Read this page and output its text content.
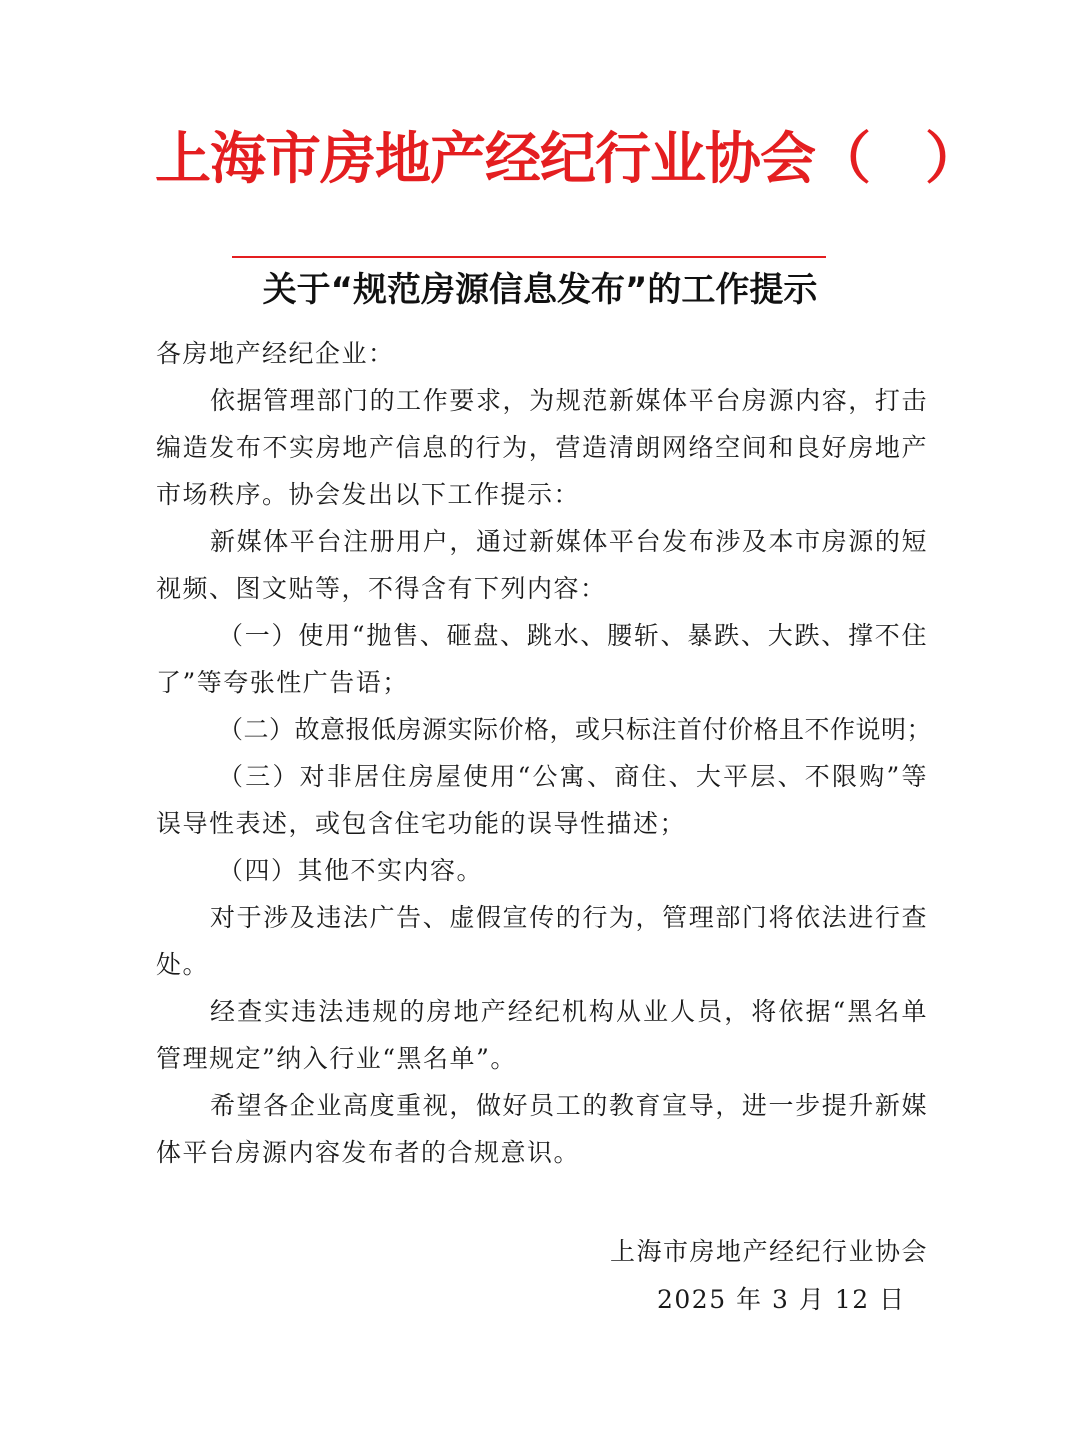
上海市房地产经纪行业协会（　）
关于“规范房源信息发布”的工作提示

各房地产经纪企业：

依据管理部门的工作要求，为规范新媒体平台房源内容，打击编造发布不实房地产信息的行为，营造清朗网络空间和良好房地产市场秩序。协会发出以下工作提示：

新媒体平台注册用户，通过新媒体平台发布涉及本市房源的短视频、图文贴等，不得含有下列内容：

（一）使用“抛售、砸盘、跳水、腰斩、暴跌、大跌、撑不住了”等夸张性广告语；

（二）故意报低房源实际价格，或只标注首付价格且不作说明；

（三）对非居住房屋使用“公寓、商住、大平层、不限购”等误导性表述，或包含住宅功能的误导性描述；

（四）其他不实内容。

对于涉及违法广告、虚假宣传的行为，管理部门将依法进行查处。

经查实违法违规的房地产经纪机构从业人员，将依据“黑名单管理规定”纳入行业“黑名单”。

希望各企业高度重视，做好员工的教育宣导，进一步提升新媒体平台房源内容发布者的合规意识。

上海市房地产经纪行业协会
2025 年 3 月 12 日
